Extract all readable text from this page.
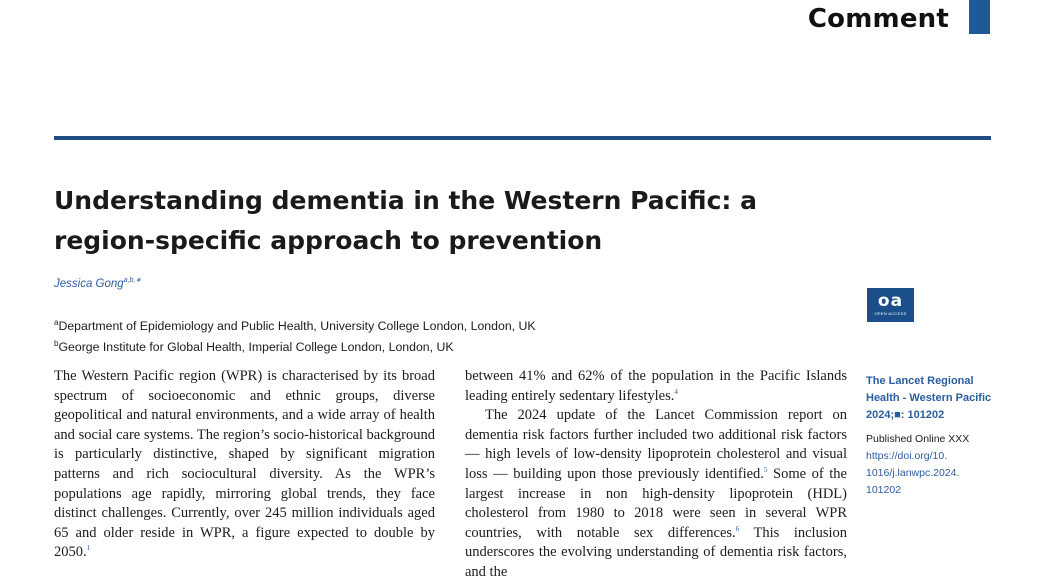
Comment
Understanding dementia in the Western Pacific: a
region-specific approach to prevention
Jessica Gong$^{a,b,∗}$
$^a$Department of Epidemiology and Public Health, University College London, London, UK
$^b$George Institute for Global Health, Imperial College London, London, UK

The Western Pacific region (WPR) is characterised by its broad spectrum of socioeconomic and ethnic groups, diverse geopolitical and natural environments, and a wide array of health and social care systems. The region’s socio-historical background is particularly distinctive, shaped by significant migration patterns and rich sociocultural diversity. As the WPR’s populations age rapidly, mirroring global trends, they face distinct challenges. Currently, over 245 million individuals aged 65 and older reside in WPR, a figure expected to double by 2050.$^1$

between 41% and 62% of the population in the Pacific Islands leading entirely sedentary lifestyles.$^4$

The 2024 update of the Lancet Commission report on dementia risk factors further included two additional risk factors — high levels of low-density lipoprotein cholesterol and visual loss — building upon those previously identified.$^5$ Some of the largest increase in non high-density lipoprotein (HDL) cholesterol from 1980 to 2018 were seen in several WPR countries, with notable sex differences.$^6$ This inclusion underscores the evolving understanding of dementia risk factors, and the

oa
OPEN ACCESS
The Lancet Regional
Health - Western Pacific
2024;■: 101202
Published Online XXX
https://doi.org/10.
1016/j.lanwpc.2024.
101202
